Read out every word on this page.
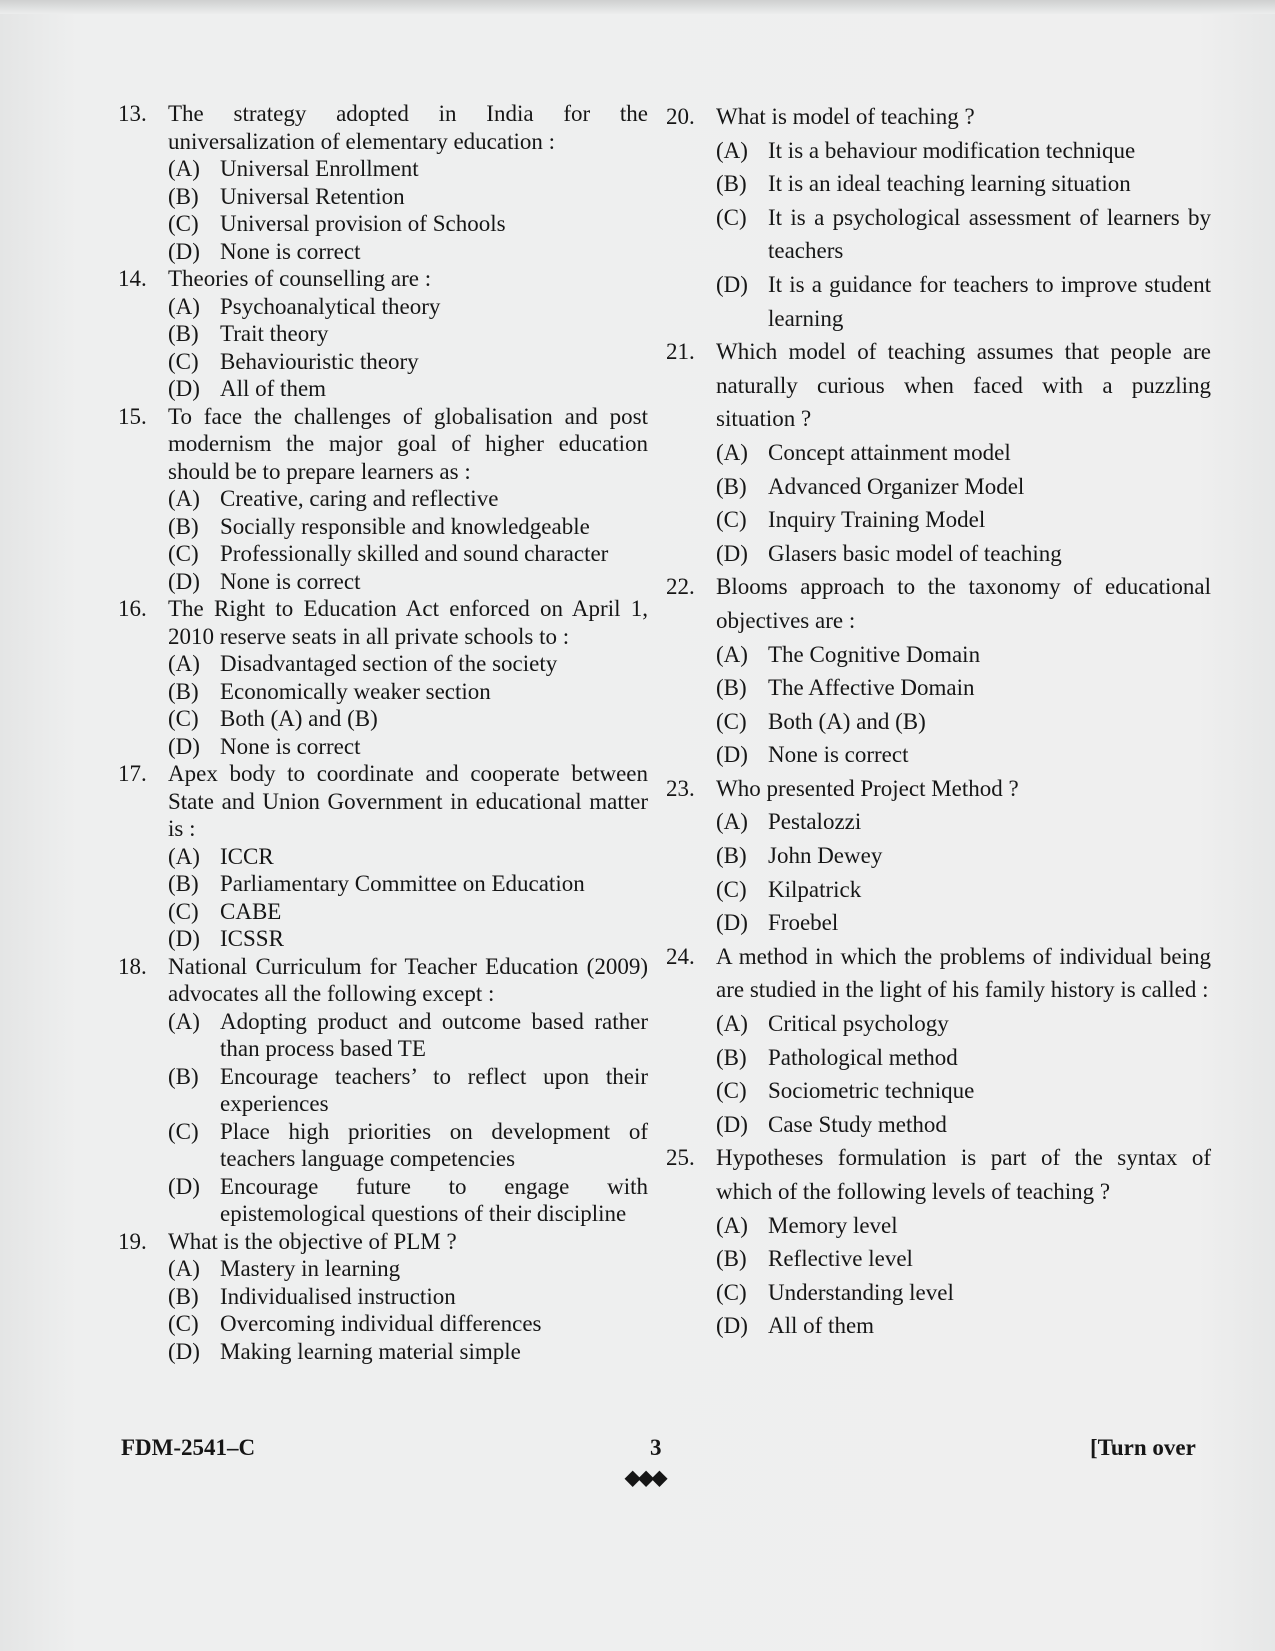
13. The strategy adopted in India for the universalization of elementary education :
(A) Universal Enrollment
(B) Universal Retention
(C) Universal provision of Schools
(D) None is correct
14. Theories of counselling are :
(A) Psychoanalytical theory
(B) Trait theory
(C) Behaviouristic theory
(D) All of them
15. To face the challenges of globalisation and post modernism the major goal of higher education should be to prepare learners as :
(A) Creative, caring and reflective
(B) Socially responsible and knowledgeable
(C) Professionally skilled and sound character
(D) None is correct
16. The Right to Education Act enforced on April 1, 2010 reserve seats in all private schools to :
(A) Disadvantaged section of the society
(B) Economically weaker section
(C) Both (A) and (B)
(D) None is correct
17. Apex body to coordinate and cooperate between State and Union Government in educational matter is :
(A) ICCR
(B) Parliamentary Committee on Education
(C) CABE
(D) ICSSR
18. National Curriculum for Teacher Education (2009) advocates all the following except :
(A) Adopting product and outcome based rather than process based TE
(B) Encourage teachers’ to reflect upon their experiences
(C) Place high priorities on development of teachers language competencies
(D) Encourage future to engage with epistemological questions of their discipline
19. What is the objective of PLM ?
(A) Mastery in learning
(B) Individualised instruction
(C) Overcoming individual differences
(D) Making learning material simple
20. What is model of teaching ?
(A) It is a behaviour modification technique
(B) It is an ideal teaching learning situation
(C) It is a psychological assessment of learners by teachers
(D) It is a guidance for teachers to improve student learning
21. Which model of teaching assumes that people are naturally curious when faced with a puzzling situation ?
(A) Concept attainment model
(B) Advanced Organizer Model
(C) Inquiry Training Model
(D) Glasers basic model of teaching
22. Blooms approach to the taxonomy of educational objectives are :
(A) The Cognitive Domain
(B) The Affective Domain
(C) Both (A) and (B)
(D) None is correct
23. Who presented Project Method ?
(A) Pestalozzi
(B) John Dewey
(C) Kilpatrick
(D) Froebel
24. A method in which the problems of individual being are studied in the light of his family history is called :
(A) Critical psychology
(B) Pathological method
(C) Sociometric technique
(D) Case Study method
25. Hypotheses formulation is part of the syntax of which of the following levels of teaching ?
(A) Memory level
(B) Reflective level
(C) Understanding level
(D) All of them
FDM-2541–C	3
◆◆◆
[Turn over
